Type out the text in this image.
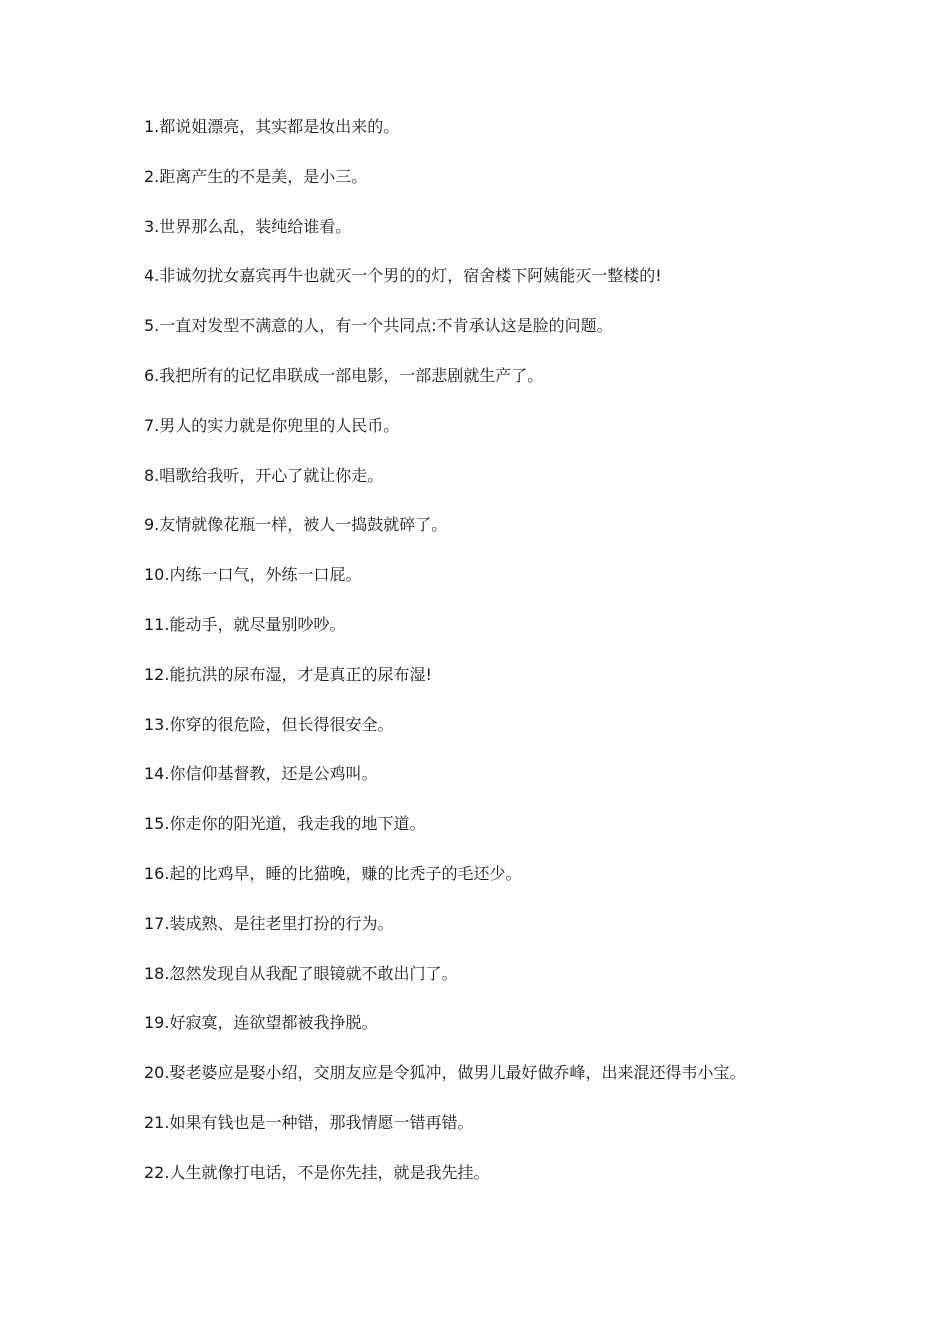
1.都说姐漂亮，其实都是妆出来的。

2.距离产生的不是美，是小三。

3.世界那么乱，装纯给谁看。

4.非诚勿扰女嘉宾再牛也就灭一个男的的灯，宿舍楼下阿姨能灭一整楼的!

5.一直对发型不满意的人，有一个共同点:不肯承认这是脸的问题。

6.我把所有的记忆串联成一部电影，一部悲剧就生产了。

7.男人的实力就是你兜里的人民币。

8.唱歌给我听，开心了就让你走。

9.友情就像花瓶一样，被人一捣鼓就碎了。

10.内练一口气，外练一口屁。

11.能动手，就尽量别吵吵。

12.能抗洪的尿布湿，才是真正的尿布湿!

13.你穿的很危险，但长得很安全。

14.你信仰基督教，还是公鸡叫。

15.你走你的阳光道，我走我的地下道。

16.起的比鸡早，睡的比猫晚，赚的比秃子的毛还少。

17.装成熟、是往老里打扮的行为。

18.忽然发现自从我配了眼镜就不敢出门了。

19.好寂寞，连欲望都被我挣脱。

20.娶老婆应是娶小绍，交朋友应是令狐冲，做男儿最好做乔峰，出来混还得韦小宝。

21.如果有钱也是一种错，那我情愿一错再错。

22.人生就像打电话，不是你先挂，就是我先挂。
